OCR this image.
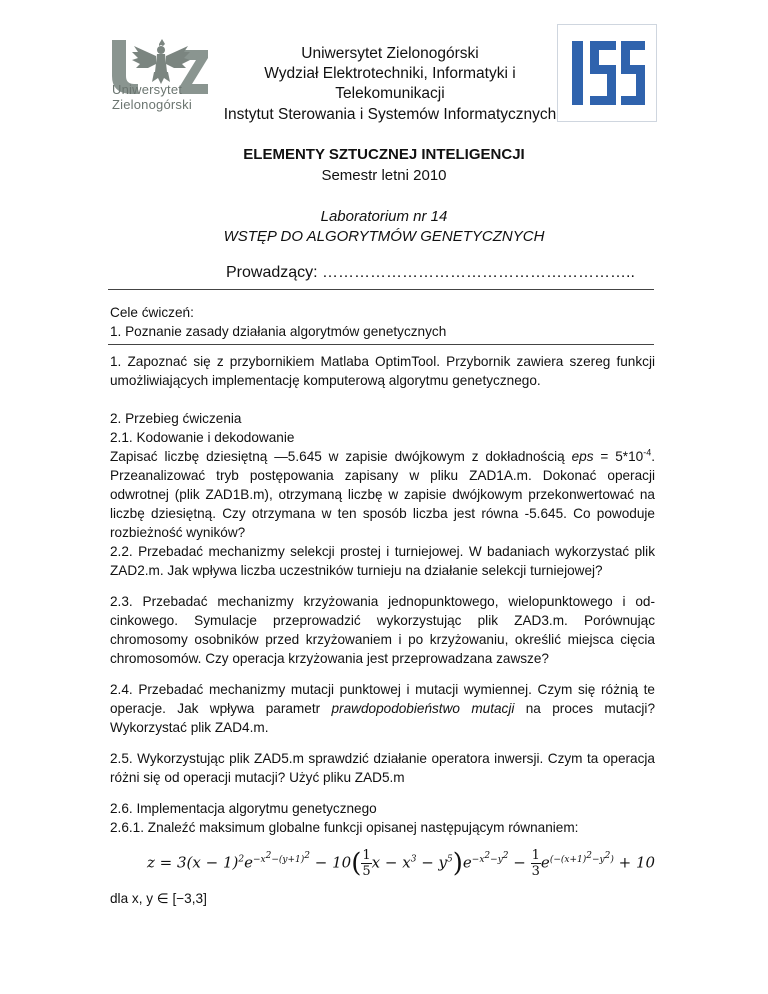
Uniwersytet
Zielonogórski
Uniwersytet Zielonogórski
Wydział Elektrotechniki, Informatyki i
Telekomunikacji
Instytut Sterowania i Systemów Informatycznych
ELEMENTY SZTUCZNEJ INTELIGENCJI
Semestr letni 2010
Laboratorium nr 14
WSTĘP DO ALGORYTMÓW GENETYCZNYCH
Prowadzący: …………………………………………………..

Cele ćwiczeń:

1. Poznanie zasady działania algorytmów genetycznych

1. Zapoznać się z przybornikiem Matlaba OptimTool. Przybornik zawiera szereg funkcji umożliwiających implementację komputerową algorytmu genetycznego.

2. Przebieg ćwiczenia

2.1. Kodowanie i dekodowanie

Zapisać liczbę dziesiętną —5.645 w zapisie dwójkowym z dokładnością eps = $5*10^{-4}$. Przeanalizować tryb postępowania zapisany w pliku ZAD1A.m. Dokonać operacji odwrotnej (plik ZAD1B.m), otrzymaną liczbę w zapisie dwójkowym przekonwertować na liczbę dziesiętną. Czy otrzymana w ten sposób liczba jest równa -5.645. Co powoduje rozbieżność wyników?

2.2. Przebadać mechanizmy selekcji prostej i turniejowej. W badaniach wykorzystać plik ZAD2.m. Jak wpływa liczba uczestników turnieju na działanie selekcji turniejowej?
2.3. Przebadać mechanizmy krzyżowania jednopunktowego, wielopunktowego i od-cinkowego. Symulacje przeprowadzić wykorzystując plik ZAD3.m. Porównując chromosomy osobników przed krzyżowaniem i po krzyżowaniu, określić miejsca cięcia chromosomów. Czy operacja krzyżowania jest przeprowadzana zawsze?
2.4. Przebadać mechanizmy mutacji punktowej i mutacji wymiennej. Czym się różnią te operacje. Jak wpływa parametr prawdopodobieństwo mutacji na proces mutacji? Wykorzystać plik ZAD4.m.
2.5. Wykorzystując plik ZAD5.m sprawdzić działanie operatora inwersji. Czym ta operacja różni się od operacji mutacji? Użyć pliku ZAD5.m

2.6. Implementacja algorytmu genetycznego

2.6.1. Znaleźć maksimum globalne funkcji opisanej następującym równaniem:

$z = 3(x - 1)^2e^{-x^2-(y+1)^2} - 10( \frac{1}{5}$ $x - x^3 - y^5)e^{-x^2-y^2} - \frac{1}{3} e^{(-(x+1)^2-y^2)} + 10$
dla x, y ∈ [−3,3]
